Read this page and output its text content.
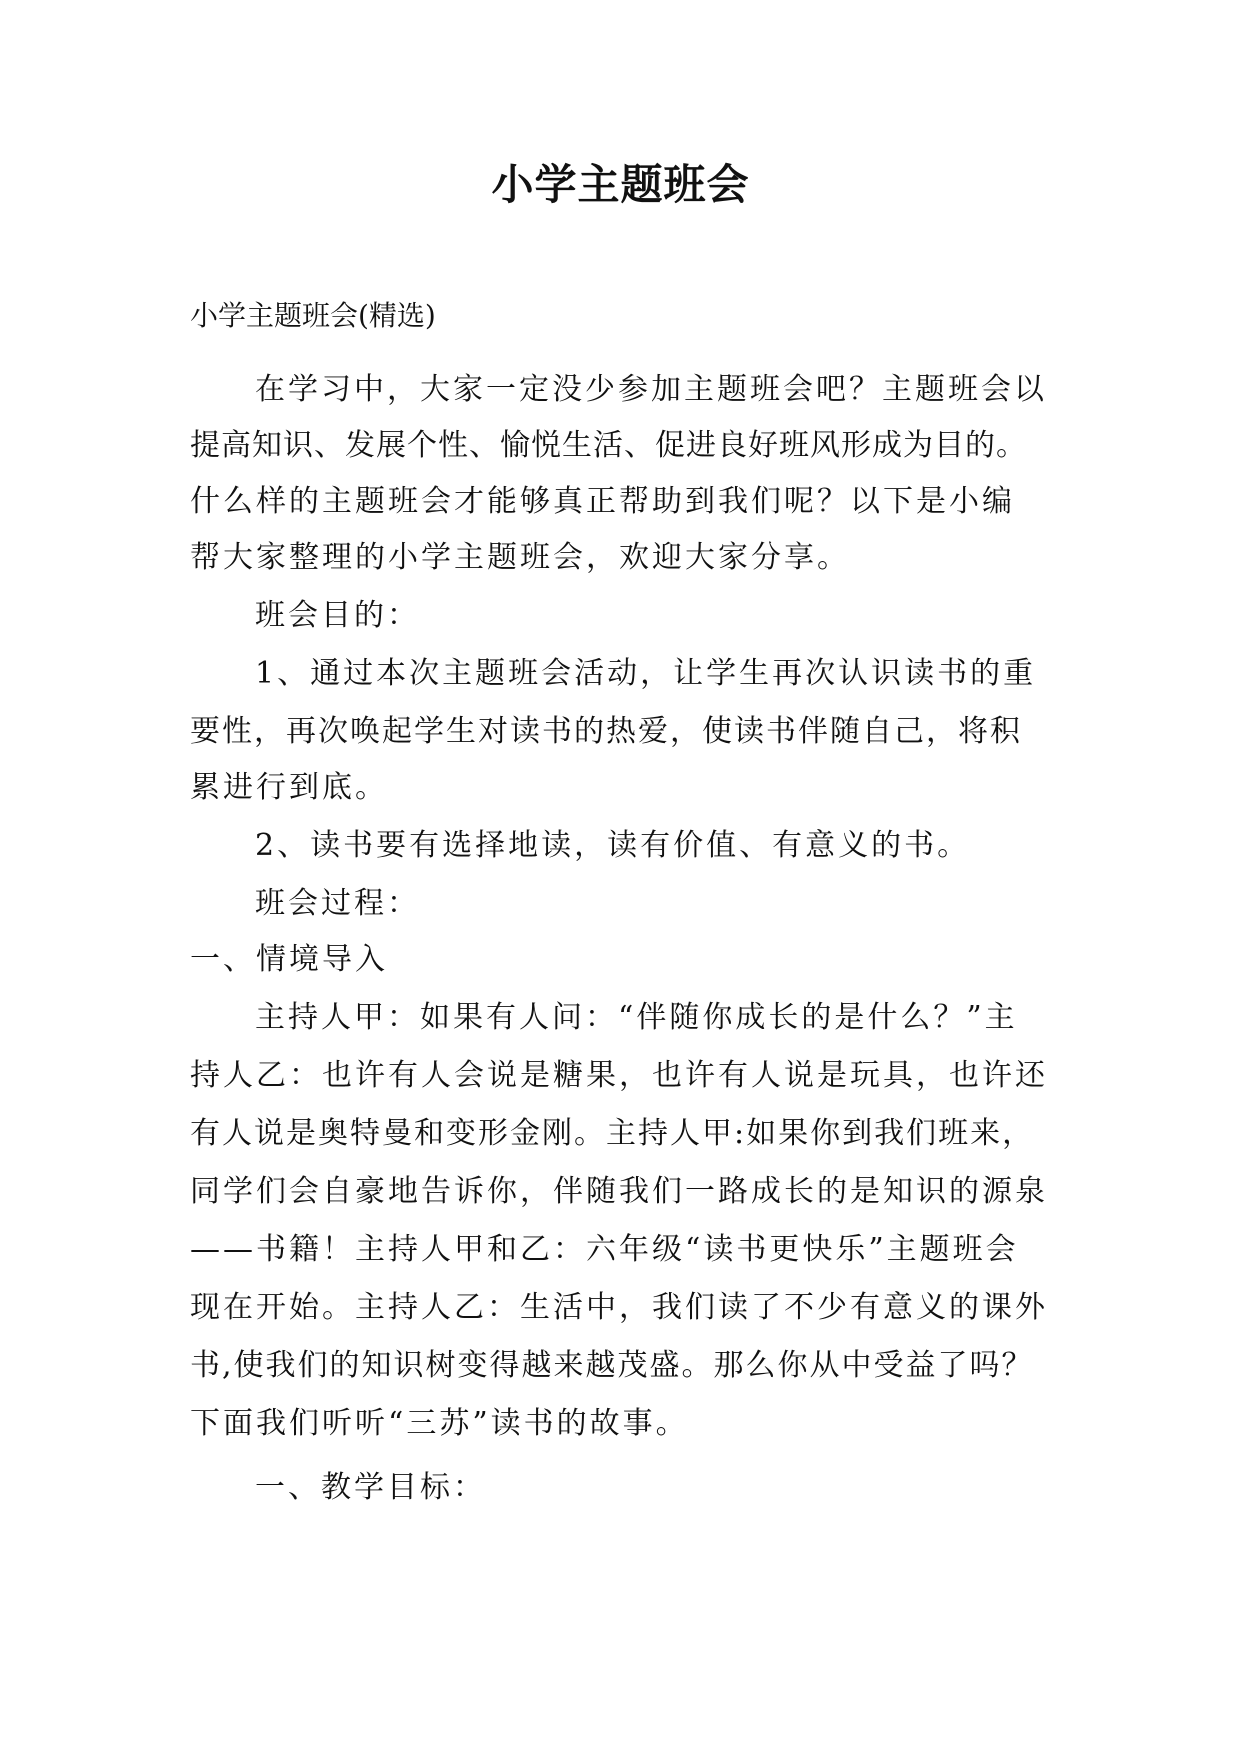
小学主题班会
小学主题班会(精选)
在学习中，大家一定没少参加主题班会吧？主题班会以
提高知识、发展个性、愉悦生活、促进良好班风形成为目的。
什么样的主题班会才能够真正帮助到我们呢？以下是小编
帮大家整理的小学主题班会，欢迎大家分享。
班会目的：
1、通过本次主题班会活动，让学生再次认识读书的重
要性，再次唤起学生对读书的热爱，使读书伴随自己，将积
累进行到底。
2、读书要有选择地读，读有价值、有意义的书。
班会过程：
一、情境导入
主持人甲：如果有人问：“伴随你成长的是什么？”主
持人乙：也许有人会说是糖果，也许有人说是玩具，也许还
有人说是奥特曼和变形金刚。主持人甲:如果你到我们班来，
同学们会自豪地告诉你，伴随我们一路成长的是知识的源泉
——书籍！主持人甲和乙：六年级“读书更快乐”主题班会
现在开始。主持人乙：生活中，我们读了不少有意义的课外
书,使我们的知识树变得越来越茂盛。那么你从中受益了吗？
下面我们听听“三苏”读书的故事。
一、教学目标：
